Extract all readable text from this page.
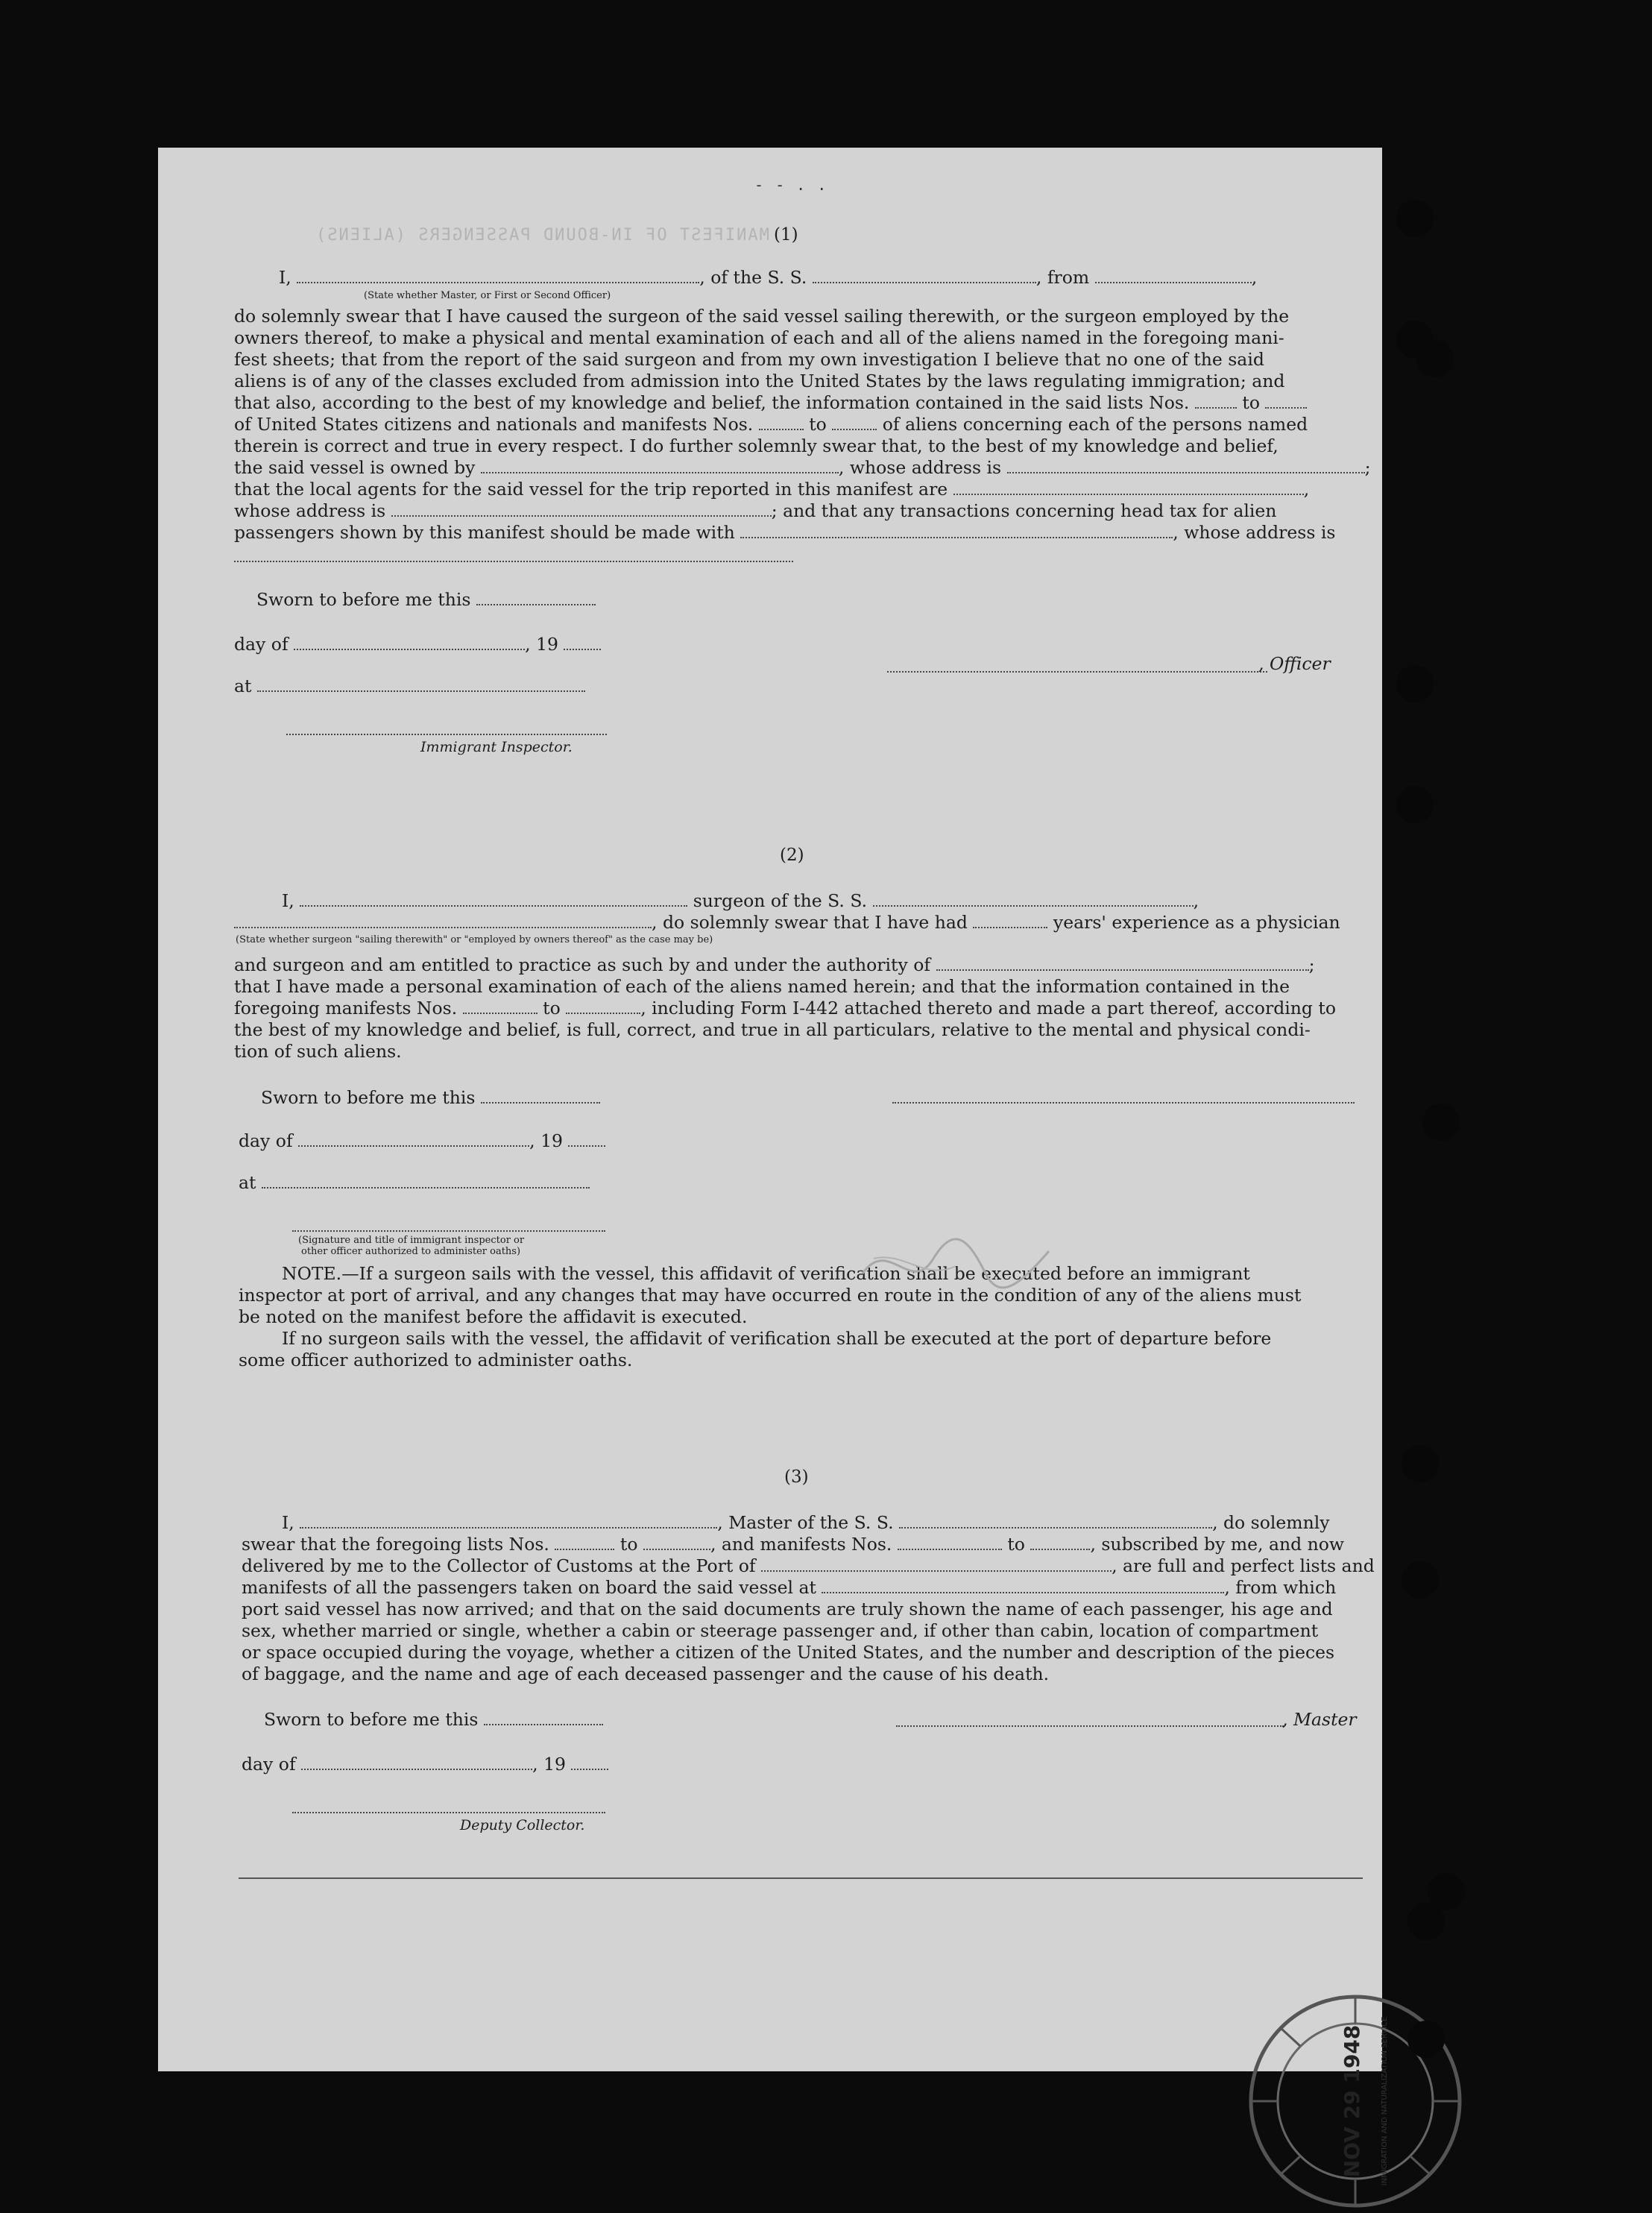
MANIFEST OF IN-BOUND PASSENGERS (ALIENS)
- - . .
(1)
I,	, of the S. S.	, from	,
(State whether Master, or First or Second Officer)
do solemnly swear that I have caused the surgeon of the said vessel sailing therewith, or the surgeon employed by the
owners thereof, to make a physical and mental examination of each and all of the aliens named in the foregoing mani-
fest sheets; that from the report of the said surgeon and from my own investigation I believe that no one of the said
aliens is of any of the classes excluded from admission into the United States by the laws regulating immigration; and
that also, according to the best of my knowledge and belief, the information contained in the said lists Nos.	to
of United States citizens and nationals and manifests Nos.	to	of aliens concerning each of the persons named
therein is correct and true in every respect. I do further solemnly swear that, to the best of my knowledge and belief,
the said vessel is owned by	, whose address is	;
that the local agents for the said vessel for the trip reported in this manifest are	,
whose address is	; and that any transactions concerning head tax for alien
passengers shown by this manifest should be made with	, whose address is
Sworn to before me this
day of	, 19
at
, Officer
Immigrant Inspector.
(2)
I,	surgeon of the S. S.	,
, do solemnly swear that I have had	years' experience as a physician
(State whether surgeon "sailing therewith" or "employed by owners thereof" as the case may be)
and surgeon and am entitled to practice as such by and under the authority of	;
that I have made a personal examination of each of the aliens named herein; and that the information contained in the
foregoing manifests Nos.	to	, including Form I-442 attached thereto and made a part thereof, according to
the best of my knowledge and belief, is full, correct, and true in all particulars, relative to the mental and physical condi-
tion of such aliens.
Sworn to before me this
day of	, 19
at
(Signature and title of immigrant inspector or
other officer authorized to administer oaths)
NOTE.—If a surgeon sails with the vessel, this affidavit of verification shall be executed before an immigrant
inspector at port of arrival, and any changes that may have occurred en route in the condition of any of the aliens must
be noted on the manifest before the affidavit is executed.
If no surgeon sails with the vessel, the affidavit of verification shall be executed at the port of departure before
some officer authorized to administer oaths.
(3)
I,	, Master of the S. S.	, do solemnly
swear that the foregoing lists Nos.	to	, and manifests Nos.	to	, subscribed by me, and now
delivered by me to the Collector of Customs at the Port of	, are full and perfect lists and
manifests of all the passengers taken on board the said vessel at	, from which
port said vessel has now arrived; and that on the said documents are truly shown the name of each passenger, his age and
sex, whether married or single, whether a cabin or steerage passenger and, if other than cabin, location of compartment
or space occupied during the voyage, whether a citizen of the United States, and the number and description of the pieces
of baggage, and the name and age of each deceased passenger and the cause of his death.
Sworn to before me this	, Master
day of	, 19
Deputy Collector.
NOV 29 1948 INMIGRATION AND NATURALIZATION SERVICE
